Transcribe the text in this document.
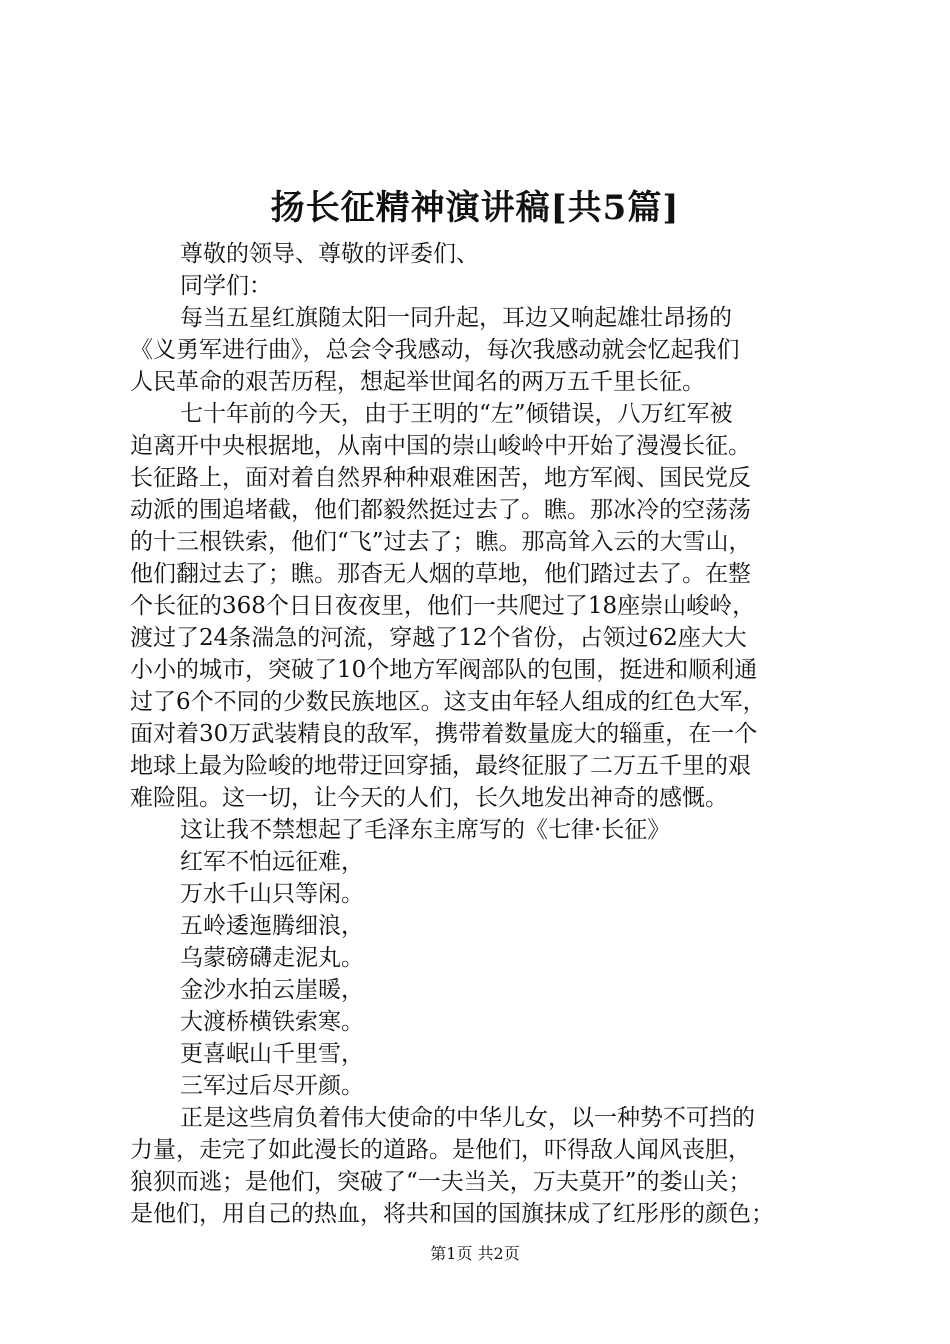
扬长征精神演讲稿[共5篇]
尊敬的领导、尊敬的评委们、
同学们：
每当五星红旗随太阳一同升起，耳边又响起雄壮昂扬的
《义勇军进行曲》，总会令我感动，每次我感动就会忆起我们
人民革命的艰苦历程，想起举世闻名的两万五千里长征。
七十年前的今天，由于王明的“左”倾错误，八万红军被
迫离开中央根据地，从南中国的崇山峻岭中开始了漫漫长征。
长征路上，面对着自然界种种艰难困苦，地方军阀、国民党反
动派的围追堵截，他们都毅然挺过去了。瞧。那冰冷的空荡荡
的十三根铁索，他们“飞”过去了；瞧。那高耸入云的大雪山，
他们翻过去了；瞧。那杳无人烟的草地，他们踏过去了。在整
个长征的368个日日夜夜里，他们一共爬过了18座崇山峻岭，
渡过了24条湍急的河流，穿越了12个省份，占领过62座大大
小小的城市，突破了10个地方军阀部队的包围，挺进和顺利通
过了6个不同的少数民族地区。这支由年轻人组成的红色大军，
面对着30万武装精良的敌军，携带着数量庞大的辎重，在一个
地球上最为险峻的地带迂回穿插，最终征服了二万五千里的艰
难险阻。这一切，让今天的人们，长久地发出神奇的感慨。
这让我不禁想起了毛泽东主席写的《七律·长征》
红军不怕远征难，
万水千山只等闲。
五岭逶迤腾细浪，
乌蒙磅礴走泥丸。
金沙水拍云崖暖，
大渡桥横铁索寒。
更喜岷山千里雪，
三军过后尽开颜。
正是这些肩负着伟大使命的中华儿女，以一种势不可挡的
力量，走完了如此漫长的道路。是他们，吓得敌人闻风丧胆，
狼狈而逃；是他们，突破了“一夫当关，万夫莫开”的娄山关；
是他们，用自己的热血，将共和国的国旗抹成了红彤彤的颜色；
第1页 共2页
